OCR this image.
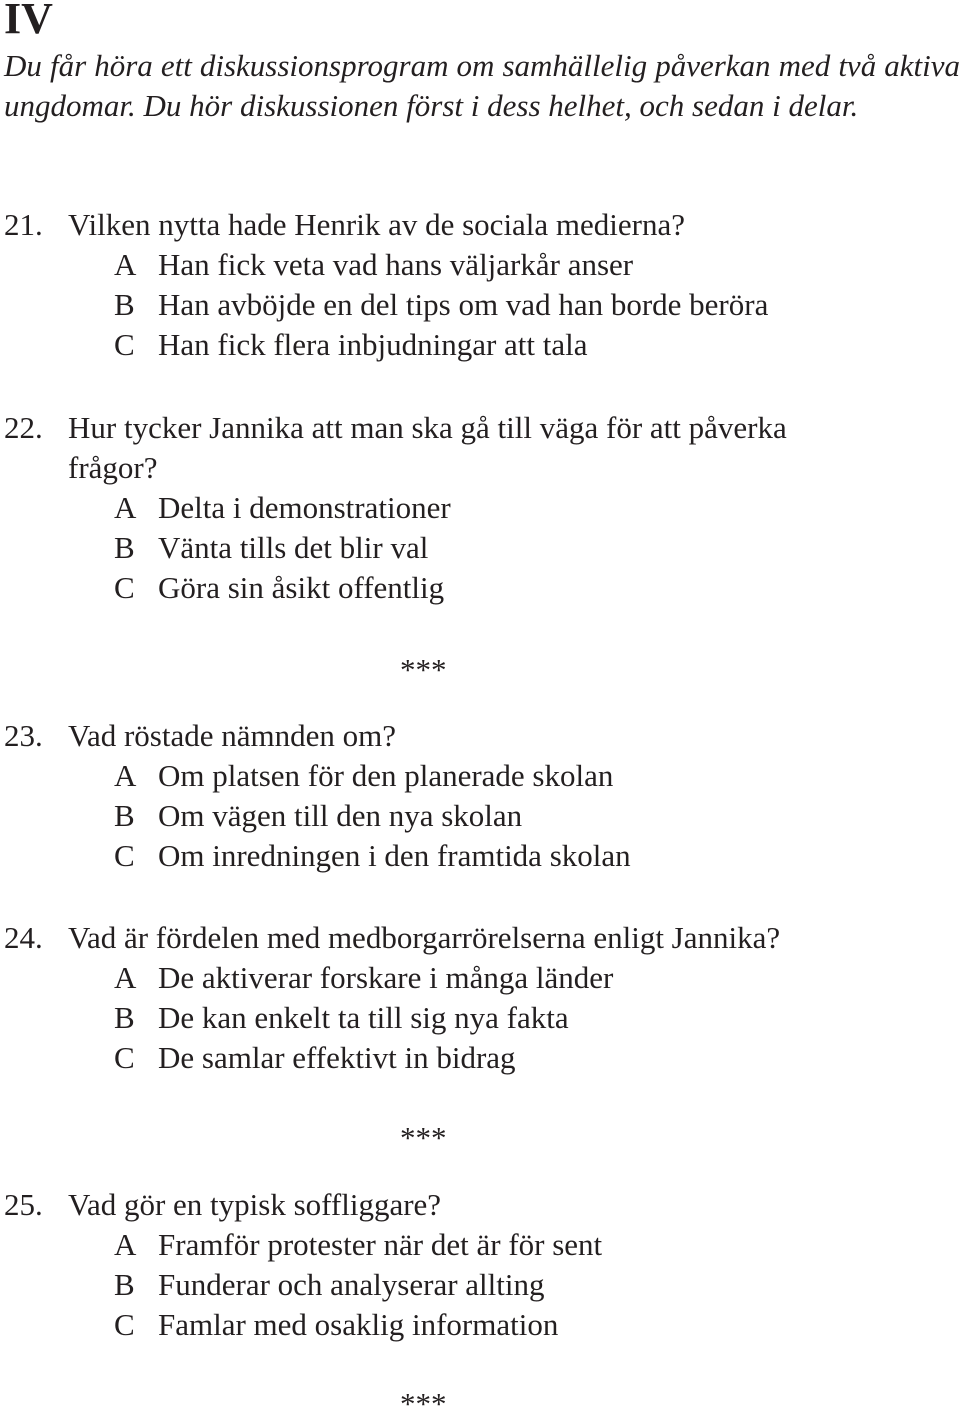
IV

Du får höra ett diskussionsprogram om samhällelig påverkan med två aktiva ungdomar. Du hör diskussionen först i dess helhet, och sedan i delar.

21. Vilken nytta hade Henrik av de sociala medierna?
A Han fick veta vad hans väljarkår anser
B Han avböjde en del tips om vad han borde beröra
C Han fick flera inbjudningar att tala
22. Hur tycker Jannika att man ska gå till väga för att påverka
frågor?
A Delta i demonstrationer
B Vänta tills det blir val
C Göra sin åsikt offentlig
***
23. Vad röstade nämnden om?
A Om platsen för den planerade skolan
B Om vägen till den nya skolan
C Om inredningen i den framtida skolan
24. Vad är fördelen med medborgarrörelserna enligt Jannika?
A De aktiverar forskare i många länder
B De kan enkelt ta till sig nya fakta
C De samlar effektivt in bidrag
***
25. Vad gör en typisk soffliggare?
A Framför protester när det är för sent
B Funderar och analyserar allting
C Famlar med osaklig information
***
